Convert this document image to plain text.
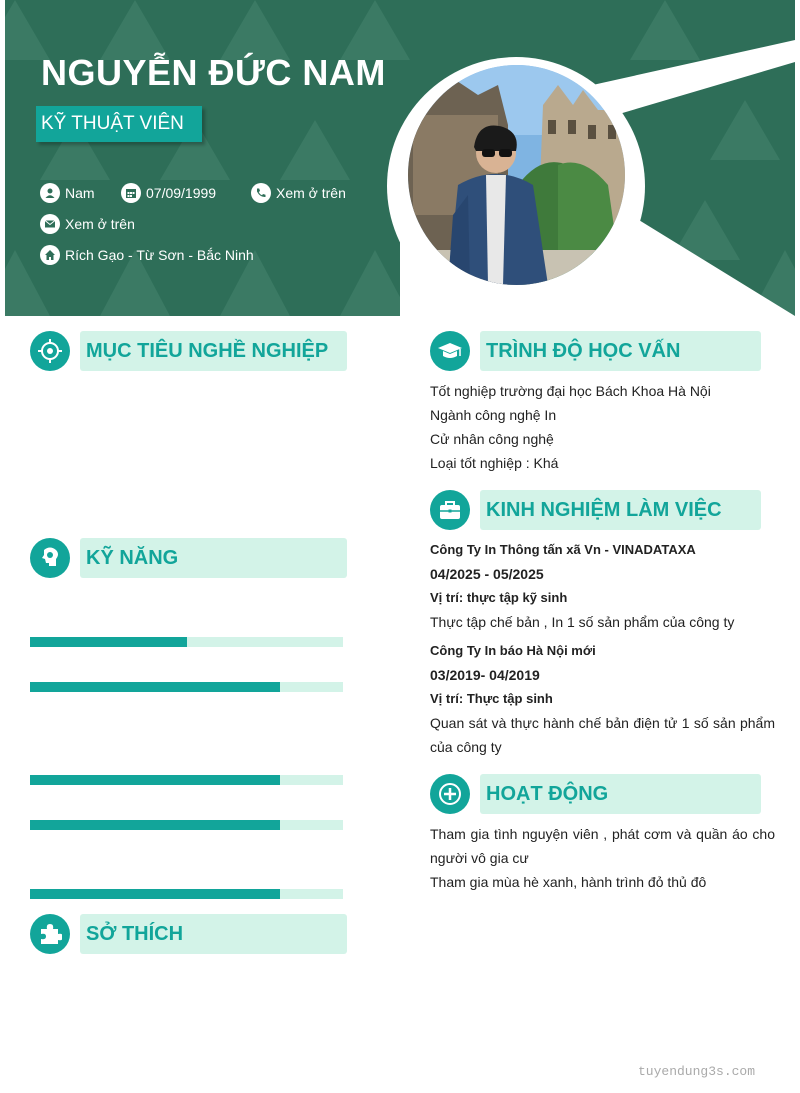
NGUYỄN ĐỨC NAM
KỸ THUẬT VIÊN
Nam	07/09/1999	Xem ở trên
Xem ở trên
Rích Gạo - Từ Sơn - Bắc Ninh
MỤC TIÊU NGHỀ NGHIỆP
KỸ NĂNG
SỞ THÍCH
TRÌNH ĐỘ HỌC VẤN
Tốt nghiệp trường đại học Bách Khoa Hà Nội
Ngành công nghệ In
Cử nhân công nghệ
Loại tốt nghiệp : Khá
KINH NGHIỆM LÀM VIỆC
Công Ty In Thông tấn xã Vn - VINADATAXA
04/2025 - 05/2025
Vị trí: thực tập kỹ sinh
Thực tập chế bản , In 1 số sản phẩm của công ty
Công Ty In báo Hà Nội mới
03/2019- 04/2019
Vị trí: Thực tập sinh
Quan sát và thực hành chế bản điện tử 1 số sản phẩm của công ty
HOẠT ĐỘNG
Tham gia tình nguyện viên , phát cơm và quần áo cho người vô gia cư
Tham gia mùa hè xanh, hành trình đỏ thủ đô
tuyendung3s.com
